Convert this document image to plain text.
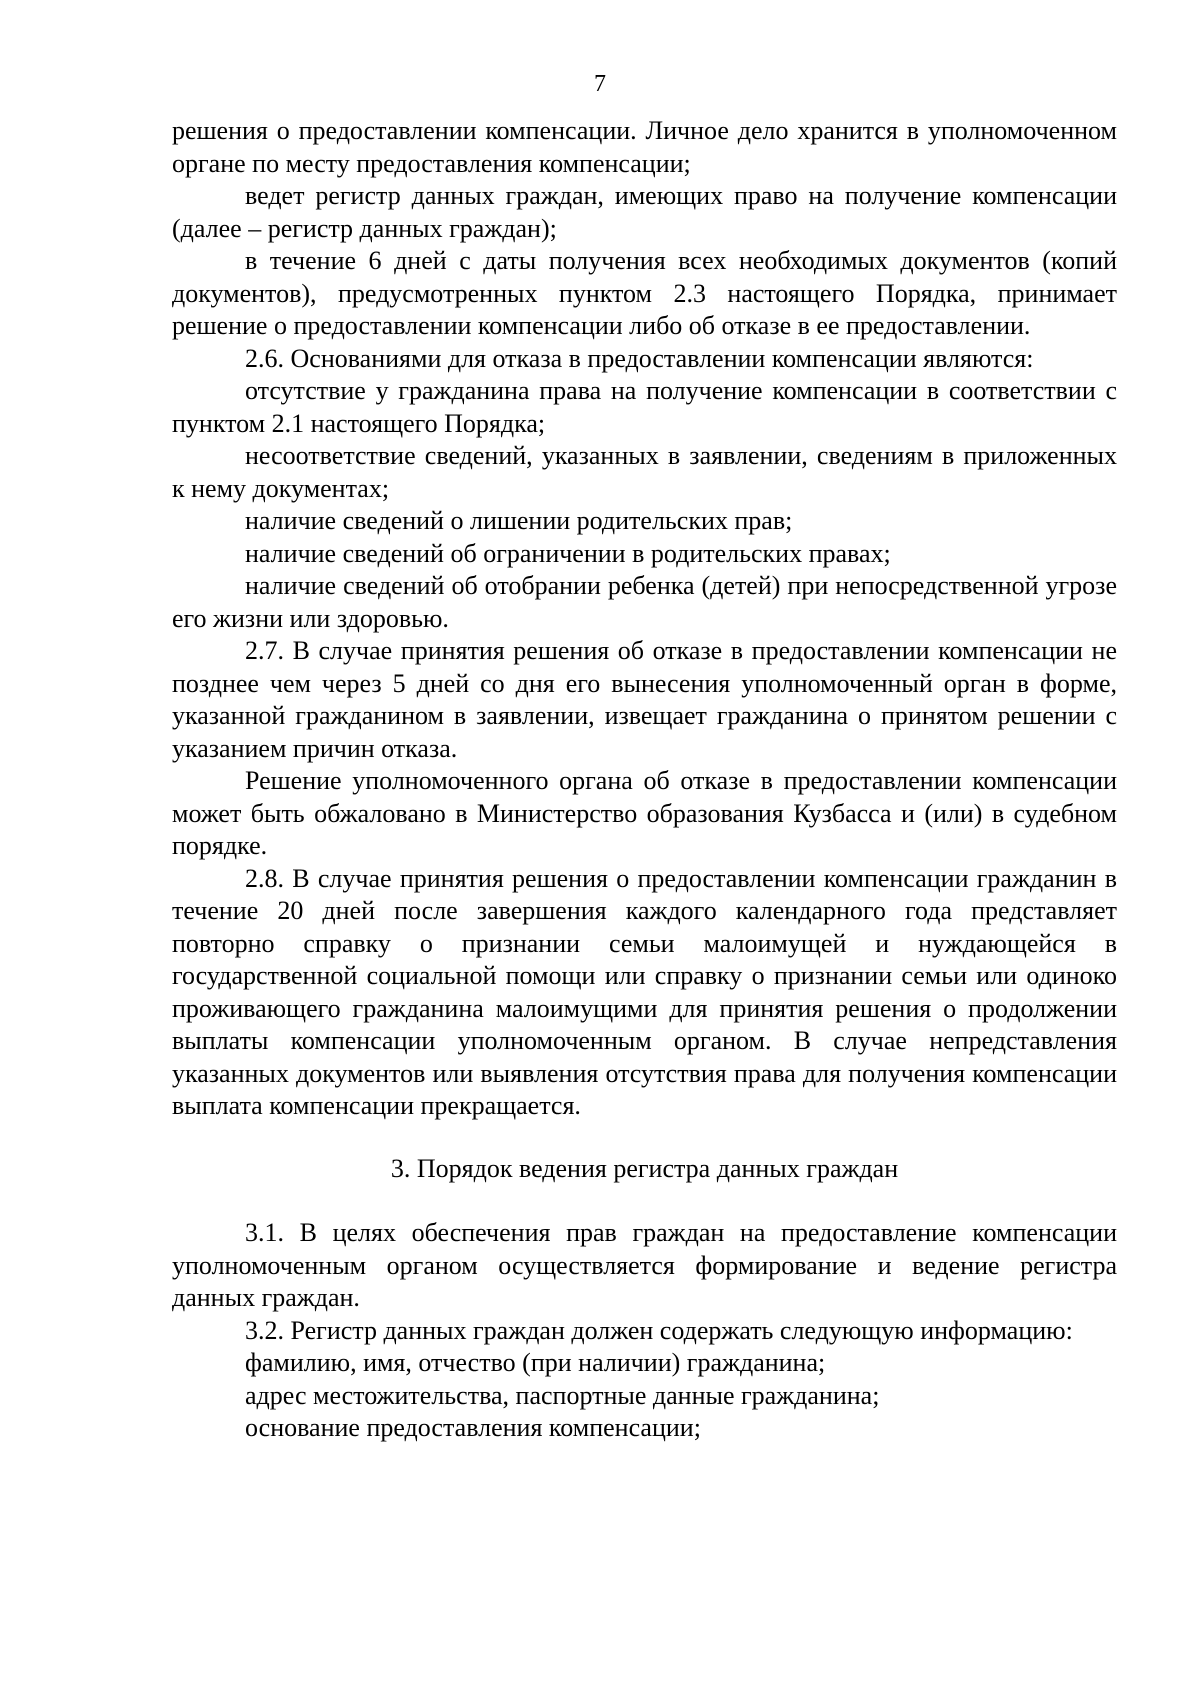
7

решения о предоставлении компенсации. Личное дело хранится в уполномоченном органе по месту предоставления компенсации;

ведет регистр данных граждан, имеющих право на получение компенсации (далее – регистр данных граждан);

в течение 6 дней с даты получения всех необходимых документов (копий документов), предусмотренных пунктом 2.3 настоящего Порядка, принимает решение о предоставлении компенсации либо об отказе в ее предоставлении.

2.6. Основаниями для отказа в предоставлении компенсации являются:

отсутствие у гражданина права на получение компенсации в соответствии с пунктом 2.1 настоящего Порядка;

несоответствие сведений, указанных в заявлении, сведениям в приложенных к нему документах;

наличие сведений о лишении родительских прав;

наличие сведений об ограничении в родительских правах;

наличие сведений об отобрании ребенка (детей) при непосредственной угрозе его жизни или здоровью.

2.7. В случае принятия решения об отказе в предоставлении компенсации не позднее чем через 5 дней со дня его вынесения уполномоченный орган в форме, указанной гражданином в заявлении, извещает гражданина о принятом решении с указанием причин отказа.

Решение уполномоченного органа об отказе в предоставлении компенсации может быть обжаловано в Министерство образования Кузбасса и (или) в судебном порядке.

2.8. В случае принятия решения о предоставлении компенсации гражданин в течение 20 дней после завершения каждого календарного года представляет повторно справку о признании семьи малоимущей и нуждающейся в государственной социальной помощи или справку о признании семьи или одиноко проживающего гражданина малоимущими для принятия решения о продолжении выплаты компенсации уполномоченным органом. В случае непредставления указанных документов или выявления отсутствия права для получения компенсации выплата компенсации прекращается.

3. Порядок ведения регистра данных граждан

3.1. В целях обеспечения прав граждан на предоставление компенсации уполномоченным органом осуществляется формирование и ведение регистра данных граждан.

3.2. Регистр данных граждан должен содержать следующую информацию:

фамилию, имя, отчество (при наличии) гражданина;

адрес местожительства, паспортные данные гражданина;

основание предоставления компенсации;
